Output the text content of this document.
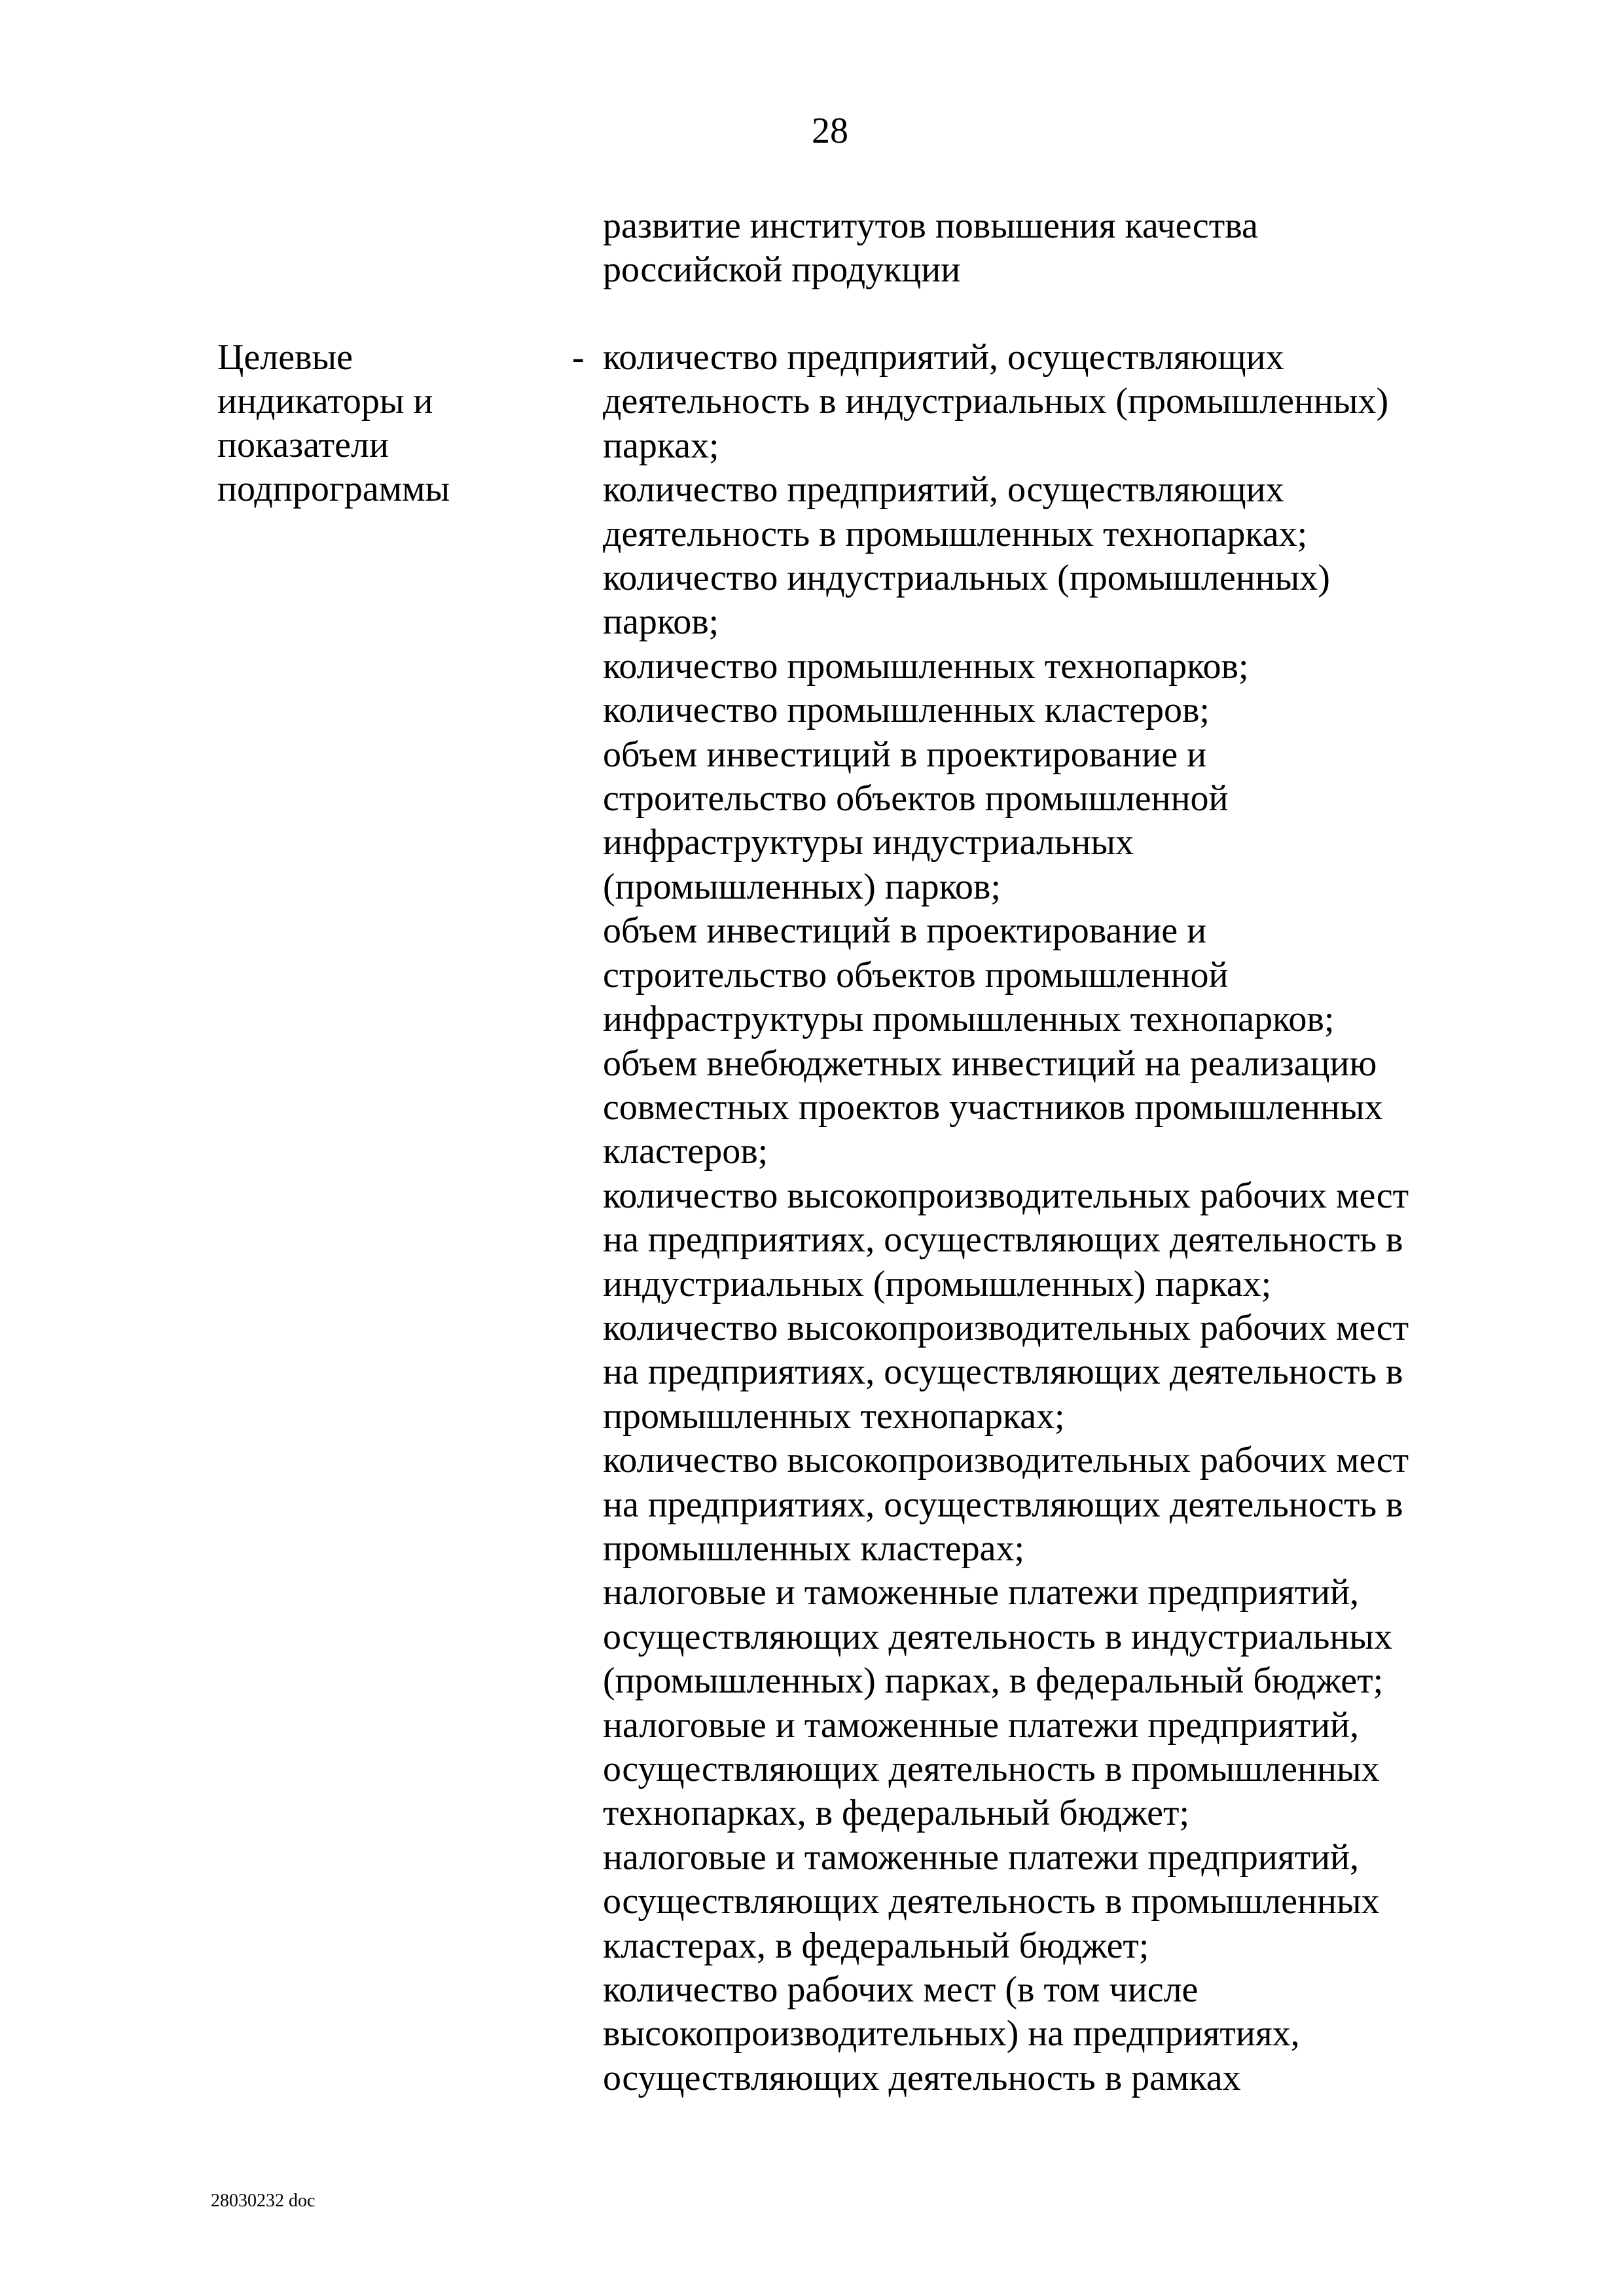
28
развитие институтов повышения качества
российской продукции
Целевые
индикаторы и
показатели
подпрограммы
- количество предприятий, осуществляющих
деятельность в индустриальных (промышленных)
парках;
количество предприятий, осуществляющих
деятельность в промышленных технопарках;
количество индустриальных (промышленных)
парков;
количество промышленных технопарков;
количество промышленных кластеров;
объем инвестиций в проектирование и
строительство объектов промышленной
инфраструктуры индустриальных
(промышленных) парков;
объем инвестиций в проектирование и
строительство объектов промышленной
инфраструктуры промышленных технопарков;
объем внебюджетных инвестиций на реализацию
совместных проектов участников промышленных
кластеров;
количество высокопроизводительных рабочих мест
на предприятиях, осуществляющих деятельность в
индустриальных (промышленных) парках;
количество высокопроизводительных рабочих мест
на предприятиях, осуществляющих деятельность в
промышленных технопарках;
количество высокопроизводительных рабочих мест
на предприятиях, осуществляющих деятельность в
промышленных кластерах;
налоговые и таможенные платежи предприятий,
осуществляющих деятельность в индустриальных
(промышленных) парках, в федеральный бюджет;
налоговые и таможенные платежи предприятий,
осуществляющих деятельность в промышленных
технопарках, в федеральный бюджет;
налоговые и таможенные платежи предприятий,
осуществляющих деятельность в промышленных
кластерах, в федеральный бюджет;
количество рабочих мест (в том числе
высокопроизводительных) на предприятиях,
осуществляющих деятельность в рамках
28030232 doc
